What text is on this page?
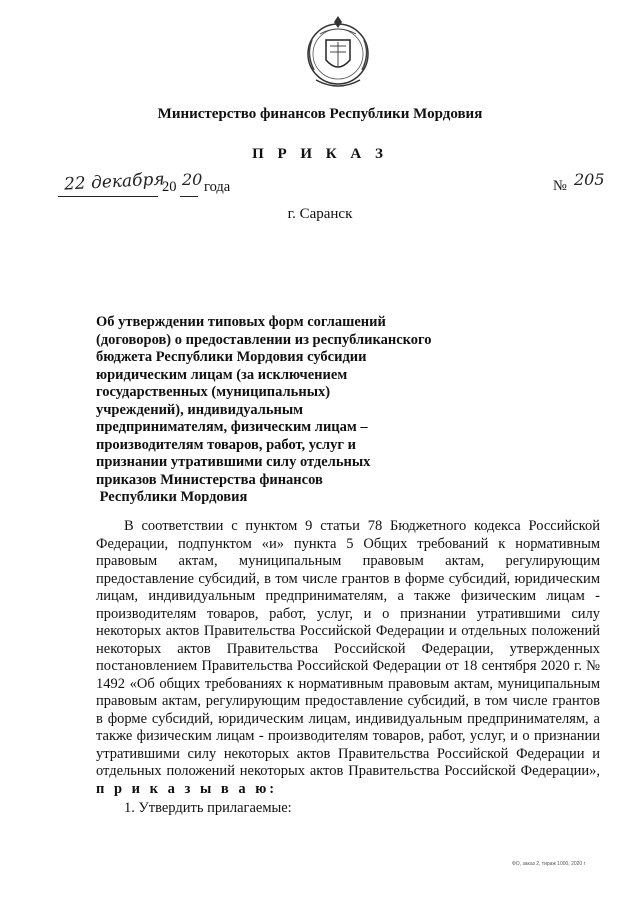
Министерство финансов Республики Мордовия
П Р И К А З
22 декабря
20 20 года	№ 205
г. Саранск
Об утверждении типовых форм соглашений
(договоров) о предоставлении из республиканского
бюджета Республики Мордовия субсидии
юридическим лицам (за исключением
государственных (муниципальных)
учреждений), индивидуальным
предпринимателям, физическим лицам –
производителям товаров, работ, услуг и
признании утратившими силу отдельных
приказов Министерства финансов
Республики Мордовия

В соответствии с пунктом 9 статьи 78 Бюджетного кодекса Российской Федерации, подпунктом «и» пункта 5 Общих требований к нормативным правовым актам, муниципальным правовым актам, регулирующим предоставление субсидий, в том числе грантов в форме субсидий, юридическим лицам, индивидуальным предпринимателям, а также физическим лицам - производителям товаров, работ, услуг, и о признании утратившими силу некоторых актов Правительства Российской Федерации и отдельных положений некоторых актов Правительства Российской Федерации, утвержденных постановлением Правительства Российской Федерации от 18 сентября 2020 г. № 1492 «Об общих требованиях к нормативным правовым актам, муниципальным правовым актам, регулирующим предоставление субсидий, в том числе грантов в форме субсидий, юридическим лицам, индивидуальным предпринимателям, а также физическим лицам - производителям товаров, работ, услуг, и о признании утратившими силу некоторых актов Правительства Российской Федерации и отдельных положений некоторых актов Правительства Российской Федерации», п р и к а з ы в а ю:

1. Утвердить прилагаемые:
ФО, заказ 2, тираж 1000, 2020 г
